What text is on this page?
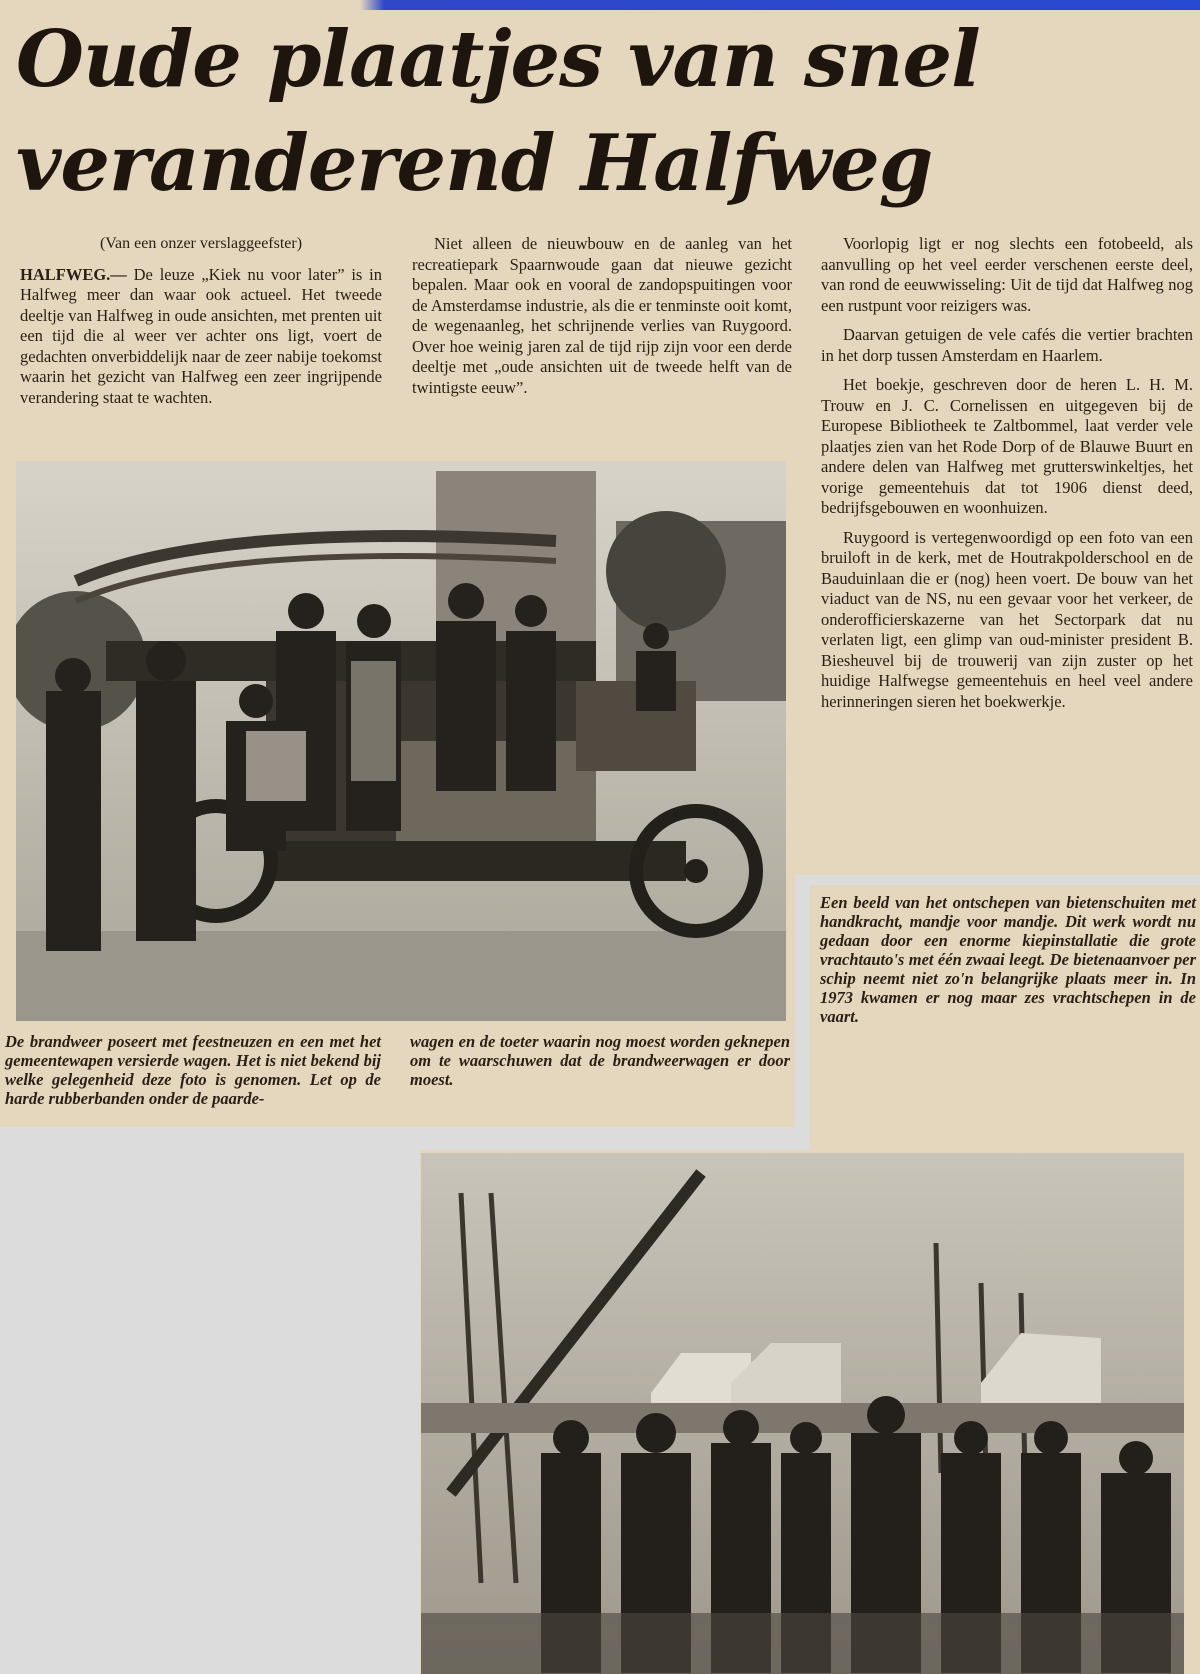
Oude plaatjes van snel veranderend Halfweg

(Van een onzer verslaggeefster)

HALFWEG.— De leuze „Kiek nu voor later” is in Halfweg meer dan waar ook actueel. Het tweede deeltje van Halfweg in oude ansichten, met prenten uit een tijd die al weer ver achter ons ligt, voert de gedachten onverbiddelijk naar de zeer nabije toekomst waarin het gezicht van Halfweg een zeer ingrijpende verandering staat te wachten.

Niet alleen de nieuwbouw en de aanleg van het recreatiepark Spaarnwoude gaan dat nieuwe gezicht bepalen. Maar ook en vooral de zandopspuitingen voor de Amsterdamse industrie, als die er tenminste ooit komt, de wegenaanleg, het schrijnende verlies van Ruygoord. Over hoe weinig jaren zal de tijd rijp zijn voor een derde deeltje met „oude ansichten uit de tweede helft van de twintigste eeuw”.

Voorlopig ligt er nog slechts een fotobeeld, als aanvulling op het veel eerder verschenen eerste deel, van rond de eeuwwisseling: Uit de tijd dat Halfweg nog een rustpunt voor reizigers was.

Daarvan getuigen de vele cafés die vertier brachten in het dorp tussen Amsterdam en Haarlem.

Het boekje, geschreven door de heren L. H. M. Trouw en J. C. Cornelissen en uitgegeven bij de Europese Bibliotheek te Zaltbommel, laat verder vele plaatjes zien van het Rode Dorp of de Blauwe Buurt en andere delen van Halfweg met grutterswinkeltjes, het vorige gemeentehuis dat tot 1906 dienst deed, bedrijfsgebouwen en woonhuizen.

Ruygoord is vertegenwoordigd op een foto van een bruiloft in de kerk, met de Houtrakpolderschool en de Bauduinlaan die er (nog) heen voert. De bouw van het viaduct van de NS, nu een gevaar voor het verkeer, de onderofficierskazerne van het Sectorpark dat nu verlaten ligt, een glimp van oud-minister president B. Biesheuvel bij de trouwerij van zijn zuster op het huidige Halfwegse gemeentehuis en heel veel andere herinneringen sieren het boekwerkje.

De brandweer poseert met feestneuzen en een met het gemeentewapen versierde wagen. Het is niet bekend bij welke gelegenheid deze foto is genomen. Let op de harde rubberbanden onder de paarde-
wagen en de toeter waarin nog moest worden geknepen om te waarschuwen dat de brandweerwagen er door moest.
Een beeld van het ontschepen van bietenschuiten met handkracht, mandje voor mandje. Dit werk wordt nu gedaan door een enorme kiepinstallatie die grote vrachtauto's met één zwaai leegt. De bietenaanvoer per schip neemt niet zo'n belangrijke plaats meer in. In 1973 kwamen er nog maar zes vrachtschepen in de vaart.
